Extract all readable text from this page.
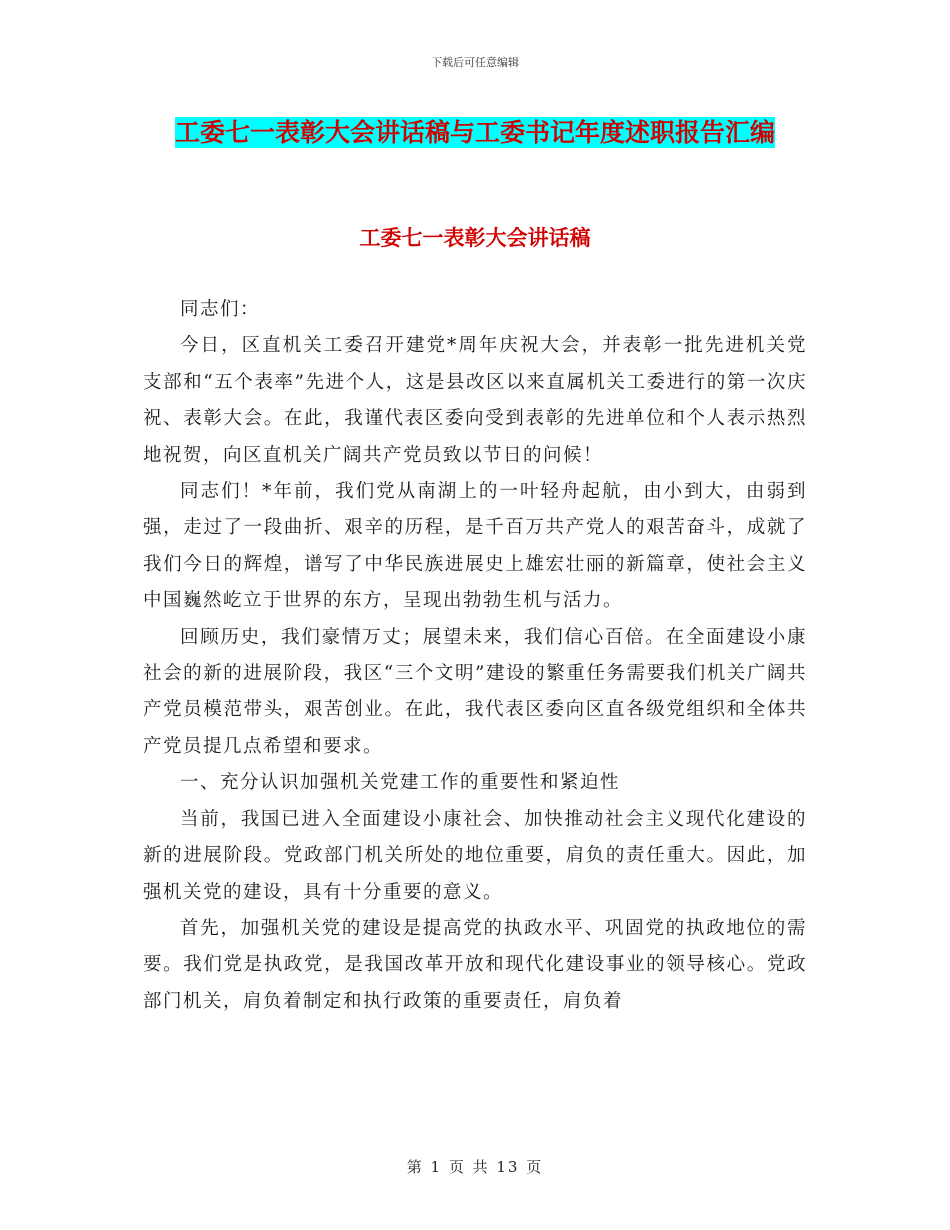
下载后可任意编辑
工委七一表彰大会讲话稿与工委书记年度述职报告汇编
工委七一表彰大会讲话稿

同志们：

今日，区直机关工委召开建党*周年庆祝大会，并表彰一批先进机关党支部和“五个表率”先进个人，这是县改区以来直属机关工委进行的第一次庆祝、表彰大会。在此，我谨代表区委向受到表彰的先进单位和个人表示热烈地祝贺，向区直机关广阔共产党员致以节日的问候！

同志们！*年前，我们党从南湖上的一叶轻舟起航，由小到大，由弱到强，走过了一段曲折、艰辛的历程，是千百万共产党人的艰苦奋斗，成就了我们今日的辉煌，谱写了中华民族进展史上雄宏壮丽的新篇章，使社会主义中国巍然屹立于世界的东方，呈现出勃勃生机与活力。

回顾历史，我们豪情万丈；展望未来，我们信心百倍。在全面建设小康社会的新的进展阶段，我区“三个文明”建设的繁重任务需要我们机关广阔共产党员模范带头，艰苦创业。在此，我代表区委向区直各级党组织和全体共产党员提几点希望和要求。

一、充分认识加强机关党建工作的重要性和紧迫性

当前，我国已进入全面建设小康社会、加快推动社会主义现代化建设的新的进展阶段。党政部门机关所处的地位重要，肩负的责任重大。因此，加强机关党的建设，具有十分重要的意义。

首先，加强机关党的建设是提高党的执政水平、巩固党的执政地位的需要。我们党是执政党，是我国改革开放和现代化建设事业的领导核心。党政部门机关，肩负着制定和执行政策的重要责任，肩负着

第 1 页 共 13 页
